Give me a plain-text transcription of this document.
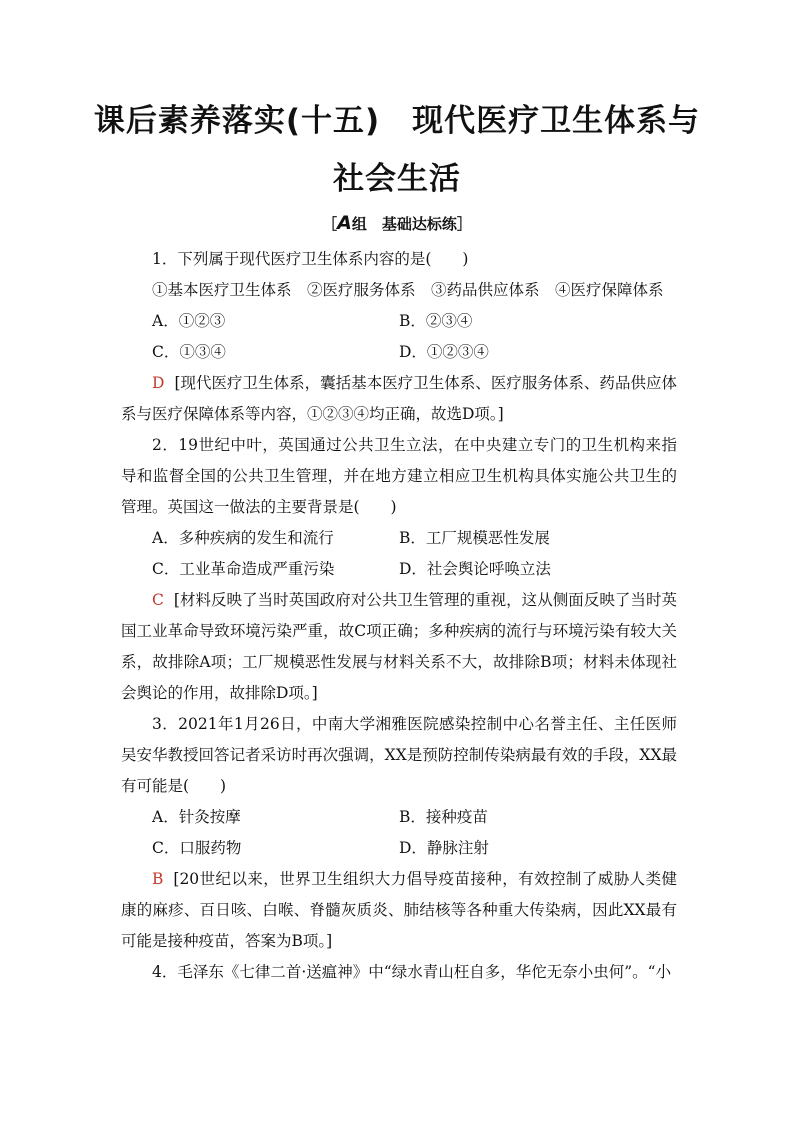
课后素养落实(十五)　现代医疗卫生体系与
社会生活
［A组　基础达标练］

1．下列属于现代医疗卫生体系内容的是(　　)

①基本医疗卫生体系　②医疗服务体系　③药品供应体系　④医疗保障体系

A．①②③	B．②③④
C．①③④	D．①②③④

D [现代医疗卫生体系，囊括基本医疗卫生体系、医疗服务体系、药品供应体系与医疗保障体系等内容，①②③④均正确，故选D项。]

2．19世纪中叶，英国通过公共卫生立法，在中央建立专门的卫生机构来指导和监督全国的公共卫生管理，并在地方建立相应卫生机构具体实施公共卫生的管理。英国这一做法的主要背景是(　　)

A．多种疾病的发生和流行	B．工厂规模恶性发展
C．工业革命造成严重污染	D．社会舆论呼唤立法

C [材料反映了当时英国政府对公共卫生管理的重视，这从侧面反映了当时英国工业革命导致环境污染严重，故C项正确；多种疾病的流行与环境污染有较大关系，故排除A项；工厂规模恶性发展与材料关系不大，故排除B项；材料未体现社会舆论的作用，故排除D项。]

3．2021年1月26日，中南大学湘雅医院感染控制中心名誉主任、主任医师吴安华教授回答记者采访时再次强调，XX是预防控制传染病最有效的手段，XX最有可能是(　　)

A．针灸按摩	B．接种疫苗
C．口服药物	D．静脉注射

B [20世纪以来，世界卫生组织大力倡导疫苗接种，有效控制了威胁人类健康的麻疹、百日咳、白喉、脊髓灰质炎、肺结核等各种重大传染病，因此XX最有可能是接种疫苗，答案为B项。]

4．毛泽东《七律二首·送瘟神》中“绿水青山枉自多，华佗无奈小虫何”。“小
